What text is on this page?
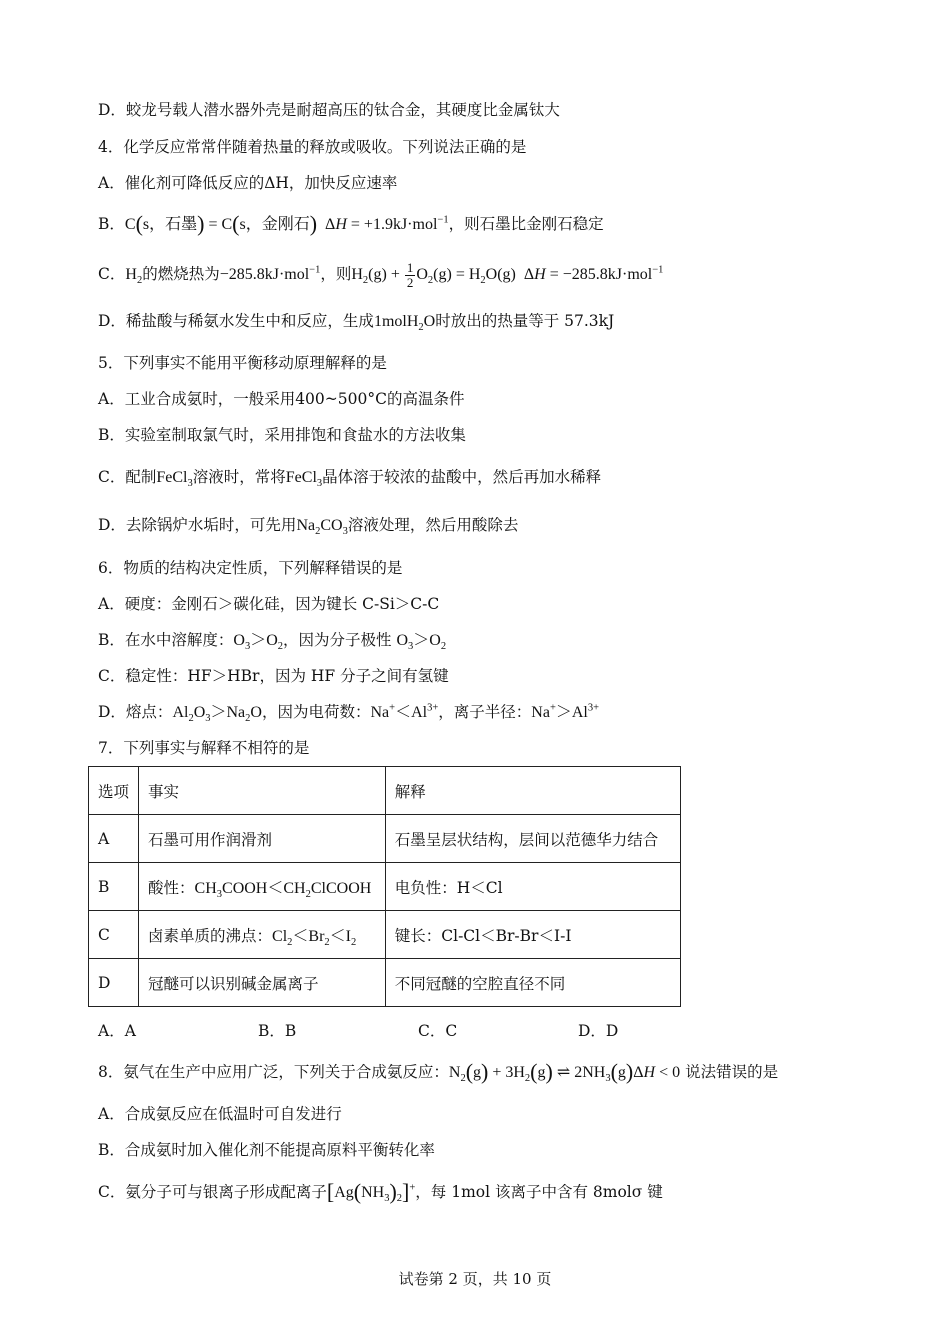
D．蛟龙号载人潜水器外壳是耐超高压的钛合金，其硬度比金属钛大
4．化学反应常常伴随着热量的释放或吸收。下列说法正确的是
A．催化剂可降低反应的ΔH，加快反应速率
B．C(s，石墨) = C(s，金刚石)  ΔH = +1.9kJ·mol$^{-1}$，则石墨比金刚石稳定
C．$H_2$的燃烧热为−285.8kJ·mol$^{-1}$，则$H_2(g) + \frac{1}{2} O_2(g) = H_2O(g) \Delta H = -285.8kJ\cdot mol^{-1}$
D．稀盐酸与稀氨水发生中和反应，生成1molH$_2$O时放出的热量等于 57.3kJ
5．下列事实不能用平衡移动原理解释的是
A．工业合成氨时，一般采用400~500°C的高温条件
B．实验室制取氯气时，采用排饱和食盐水的方法收集
C．配制FeCl$_3$溶液时，常将FeCl$_3$晶体溶于较浓的盐酸中，然后再加水稀释
D．去除锅炉水垢时，可先用$Na_2CO_3$溶液处理，然后用酸除去
6．物质的结构决定性质，下列解释错误的是
A．硬度：金刚石＞碳化硅，因为键长 C-Si＞C-C
B．在水中溶解度：$O_3>O_2$，因为分子极性 $O_3>O_2$
C．稳定性：HF＞HBr，因为 HF 分子之间有氢键
D．熔点：$Al_2O_3>Na_2O$，因为电荷数：$Na^+<Al^{3+}$，离子半径：$Na^+>Al^{3+}$
7．下列事实与解释不相符的是
选项	事实	解释
A	石墨可用作润滑剂	石墨呈层状结构，层间以范德华力结合
B	酸性：$CH_3COOH<CH_2ClCOOH$	电负性：H＜Cl
C	卤素单质的沸点：$Cl_2<Br_2<I_2$	键长：Cl-Cl＜Br-Br＜I-I
D	冠醚可以识别碱金属离子	不同冠醚的空腔直径不同
A．A	B．B	C．C	D．D
8．氨气在生产中应用广泛，下列关于合成氨反应：$N_2(g) + 3H_2(g)$ ⇌ $2NH_3(g)\Delta H < 0$ 说法错误的是
A．合成氨反应在低温时可自发进行
B．合成氨时加入催化剂不能提高原料平衡转化率
C．氨分子可与银离子形成配离子$[Ag(NH_3)_2]^+$，每 1mol 该离子中含有 8molσ 键
试卷第 2 页，共 10 页
